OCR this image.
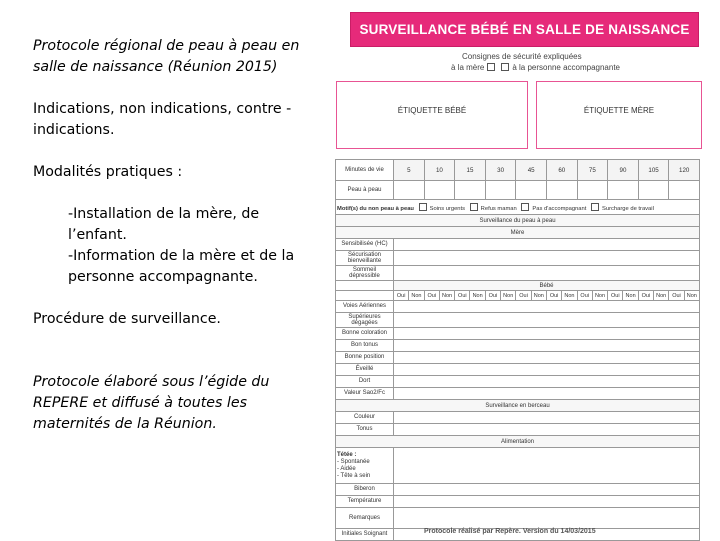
Protocole régional de peau à peau en salle de naissance (Réunion 2015)

Indications, non indications, contre -indications.

Modalités pratiques :

-Installation de la mère, de l’enfant.

-Information de la mère et de la personne accompagnante.

Procédure de surveillance.

Protocole élaboré sous l’égide du REPERE et diffusé à toutes les maternités de la Réunion.

SURVEILLANCE BÉBÉ EN SALLE DE NAISSANCE
Consignes de sécurité expliquées
à la mère	à la personne accompagnante
ÉTIQUETTE BÉBÉ	ÉTIQUETTE MÈRE
Minutes de vie	5		10		15		30		45		60		75		90		105		120	
Peau à peau																				
Motif(s) du non peau à peau Soins urgents Refus maman Pas d'accompagnant Surcharge de travail																				
Surveillance du peau à peau																				
Mère																				
Sensibilisée (HC)																				
Sécurisation bienveillante																				
Sommeil dépressible																				
	Bébé																			
	Oui	Non	Oui	Non	Oui	Non	Oui	Non	Oui	Non	Oui	Non	Oui	Non	Oui	Non	Oui	Non	Oui	Non
Voies Aériennes																				
Supérieures dégagées																				
Bonne coloration																				
Bon tonus																				
Bonne position																				
Éveillé																				
Dort																				
Valeur Sao2/Fc																				
Surveillance en berceau																				
Couleur																				
Tonus																				
Alimentation																				
Tétée :
- Spontanée
- Aidée
- Tête à sein																				
Biberon																				
Température																				
Remarques																				
Initiales Soignant																					Protocole réalisé par Repère. Version du 14/03/2015
